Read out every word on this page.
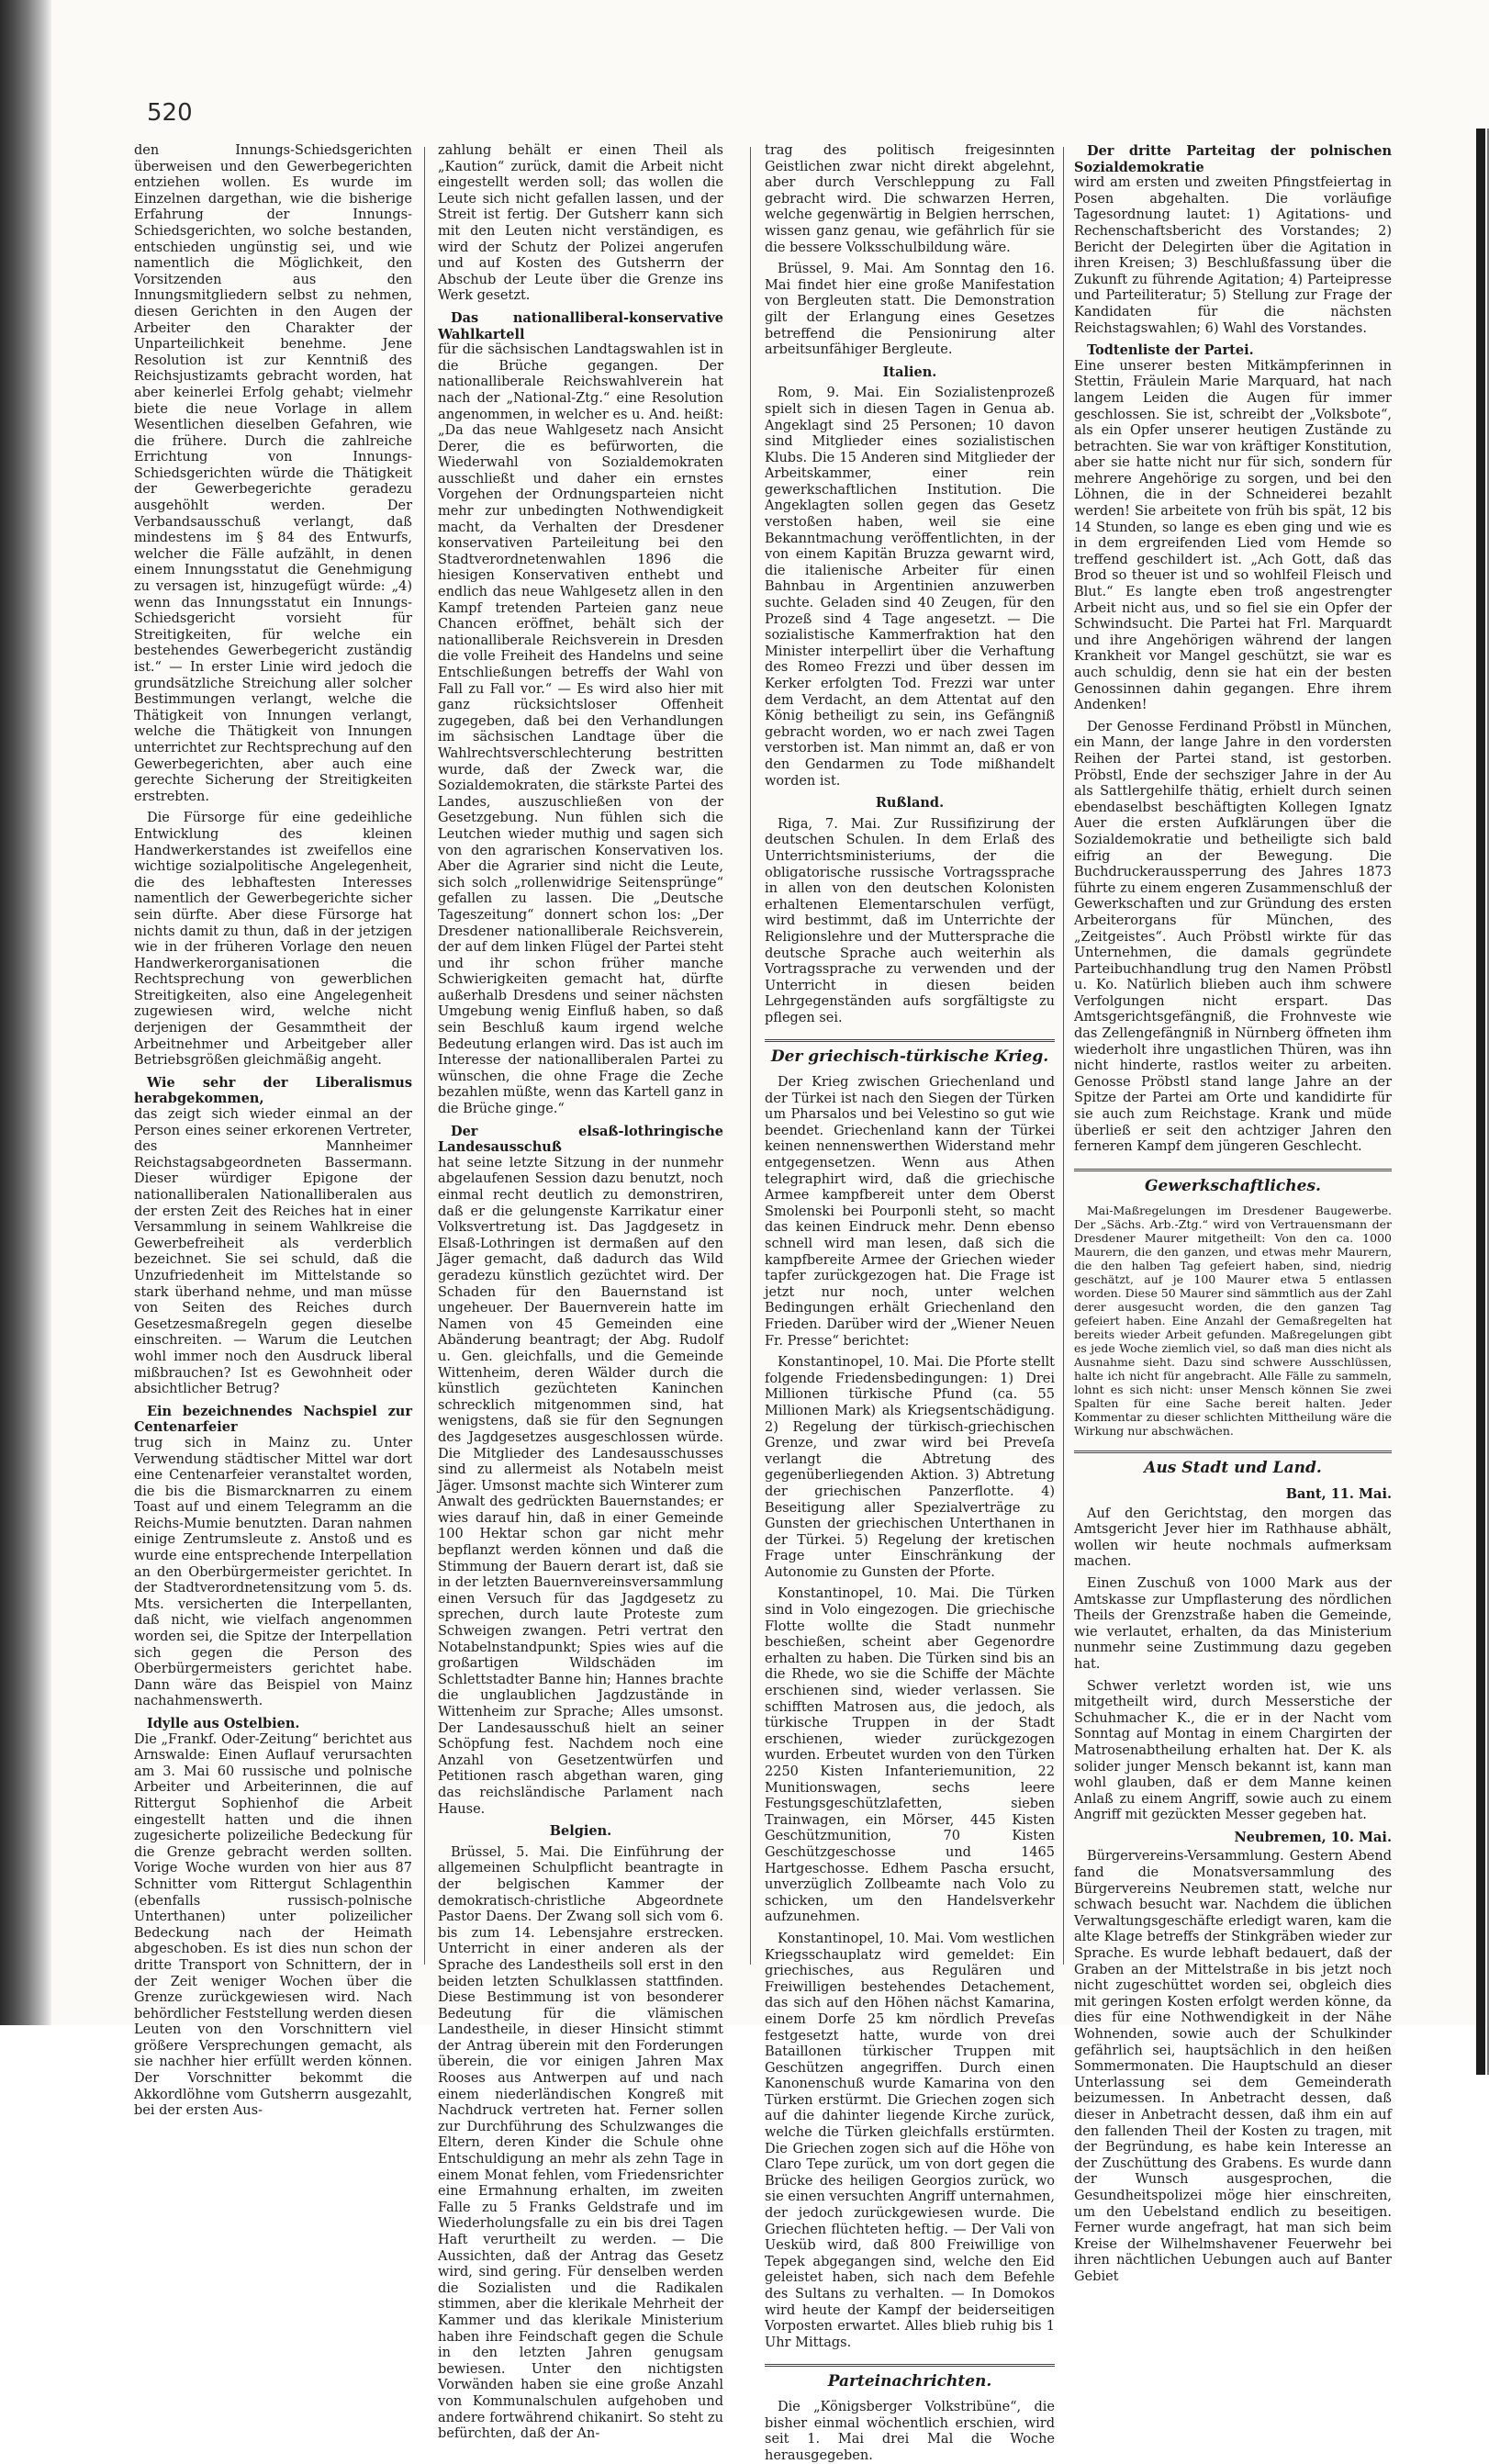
520

den Innungs-Schiedsgerichten überweisen und den Gewerbegerichten entziehen wollen. Es wurde im Einzelnen dargethan, wie die bisherige Erfahrung der Innungs-Schiedsgerichten, wo solche bestanden, entschieden ungünstig sei, und wie namentlich die Möglichkeit, den Vorsitzenden aus den Innungsmitgliedern selbst zu nehmen, diesen Gerichten in den Augen der Arbeiter den Charakter der Unparteilichkeit benehme. Jene Resolution ist zur Kenntniß des Reichsjustizamts gebracht worden, hat aber keinerlei Erfolg gehabt; vielmehr biete die neue Vorlage in allem Wesentlichen dieselben Gefahren, wie die frühere. Durch die zahlreiche Errichtung von Innungs-Schiedsgerichten würde die Thätigkeit der Gewerbegerichte geradezu ausgehöhlt werden. Der Verbandsausschuß verlangt, daß mindestens im § 84 des Entwurfs, welcher die Fälle aufzählt, in denen einem Innungsstatut die Genehmigung zu versagen ist, hinzugefügt würde: „4) wenn das Innungsstatut ein Innungs-Schiedsgericht vorsieht für Streitigkeiten, für welche ein bestehendes Gewerbegericht zuständig ist.“ — In erster Linie wird jedoch die grundsätzliche Streichung aller solcher Bestimmungen verlangt, welche die Thätigkeit von Innungen verlangt, welche die Thätigkeit von Innungen unterrichtet zur Rechtsprechung auf den Gewerbegerichten, aber auch eine gerechte Sicherung der Streitigkeiten erstrebten.

Die Fürsorge für eine gedeihliche Entwicklung des kleinen Handwerkerstandes ist zweifellos eine wichtige sozialpolitische Angelegenheit, die des lebhaftesten Interesses namentlich der Gewerbegerichte sicher sein dürfte. Aber diese Fürsorge hat nichts damit zu thun, daß in der jetzigen wie in der früheren Vorlage den neuen Handwerkerorganisationen die Rechtsprechung von gewerblichen Streitigkeiten, also eine Angelegenheit zugewiesen wird, welche nicht derjenigen der Gesammtheit der Arbeitnehmer und Arbeitgeber aller Betriebsgrößen gleichmäßig angeht.

Wie sehr der Liberalismus herabgekommen,

das zeigt sich wieder einmal an der Person eines seiner erkorenen Vertreter, des Mannheimer Reichstagsabgeordneten Bassermann. Dieser würdiger Epigone der nationalliberalen Nationalliberalen aus der ersten Zeit des Reiches hat in einer Versammlung in seinem Wahlkreise die Gewerbefreiheit als verderblich bezeichnet. Sie sei schuld, daß die Unzufriedenheit im Mittelstande so stark überhand nehme, und man müsse von Seiten des Reiches durch Gesetzesmaßregeln gegen dieselbe einschreiten. — Warum die Leutchen wohl immer noch den Ausdruck liberal mißbrauchen? Ist es Gewohnheit oder absichtlicher Betrug?

Ein bezeichnendes Nachspiel zur Centenarfeier

trug sich in Mainz zu. Unter Verwendung städtischer Mittel war dort eine Centenarfeier veranstaltet worden, die bis die Bismarcknarren zu einem Toast auf und einem Telegramm an die Reichs-Mumie benutzten. Daran nahmen einige Zentrumsleute z. Anstoß und es wurde eine entsprechende Interpellation an den Oberbürgermeister gerichtet. In der Stadtverordnetensitzung vom 5. ds. Mts. versicherten die Interpellanten, daß nicht, wie vielfach angenommen worden sei, die Spitze der Interpellation sich gegen die Person des Oberbürgermeisters gerichtet habe. Dann wäre das Beispiel von Mainz nachahmenswerth.

Idylle aus Ostelbien.

Die „Frankf. Oder-Zeitung“ berichtet aus Arnswalde: Einen Auflauf verursachten am 3. Mai 60 russische und polnische Arbeiter und Arbeiterinnen, die auf Rittergut Sophienhof die Arbeit eingestellt hatten und die ihnen zugesicherte polizeiliche Bedeckung für die Grenze gebracht werden sollten. Vorige Woche wurden von hier aus 87 Schnitter vom Rittergut Schlagenthin (ebenfalls russisch-polnische Unterthanen) unter polizeilicher Bedeckung nach der Heimath abgeschoben. Es ist dies nun schon der dritte Transport von Schnittern, der in der Zeit weniger Wochen über die Grenze zurückgewiesen wird. Nach behördlicher Feststellung werden diesen Leuten von den Vorschnittern viel größere Versprechungen gemacht, als sie nachher hier erfüllt werden können. Der Vorschnitter bekommt die Akkordlöhne vom Gutsherrn ausgezahlt, bei der ersten Aus-

zahlung behält er einen Theil als „Kaution“ zurück, damit die Arbeit nicht eingestellt werden soll; das wollen die Leute sich nicht gefallen lassen, und der Streit ist fertig. Der Gutsherr kann sich mit den Leuten nicht verständigen, es wird der Schutz der Polizei angerufen und auf Kosten des Gutsherrn der Abschub der Leute über die Grenze ins Werk gesetzt.

Das nationalliberal-konservative Wahlkartell

für die sächsischen Landtagswahlen ist in die Brüche gegangen. Der nationalliberale Reichswahlverein hat nach der „National-Ztg.“ eine Resolution angenommen, in welcher es u. And. heißt: „Da das neue Wahlgesetz nach Ansicht Derer, die es befürworten, die Wiederwahl von Sozialdemokraten ausschließt und daher ein ernstes Vorgehen der Ordnungsparteien nicht mehr zur unbedingten Nothwendigkeit macht, da Verhalten der Dresdener konservativen Parteileitung bei den Stadtverordnetenwahlen 1896 die hiesigen Konservativen enthebt und endlich das neue Wahlgesetz allen in den Kampf tretenden Parteien ganz neue Chancen eröffnet, behält sich der nationalliberale Reichsverein in Dresden die volle Freiheit des Handelns und seine Entschließungen betreffs der Wahl von Fall zu Fall vor.“ — Es wird also hier mit ganz rücksichtsloser Offenheit zugegeben, daß bei den Verhandlungen im sächsischen Landtage über die Wahlrechtsverschlechterung bestritten wurde, daß der Zweck war, die Sozialdemokraten, die stärkste Partei des Landes, auszuschließen von der Gesetzgebung. Nun fühlen sich die Leutchen wieder muthig und sagen sich von den agrarischen Konservativen los. Aber die Agrarier sind nicht die Leute, sich solch „rollenwidrige Seitensprünge“ gefallen zu lassen. Die „Deutsche Tageszeitung“ donnert schon los: „Der Dresdener nationalliberale Reichsverein, der auf dem linken Flügel der Partei steht und ihr schon früher manche Schwierigkeiten gemacht hat, dürfte außerhalb Dresdens und seiner nächsten Umgebung wenig Einfluß haben, so daß sein Beschluß kaum irgend welche Bedeutung erlangen wird. Das ist auch im Interesse der nationalliberalen Partei zu wünschen, die ohne Frage die Zeche bezahlen müßte, wenn das Kartell ganz in die Brüche ginge.“

Der elsaß-lothringische Landesausschuß

hat seine letzte Sitzung in der nunmehr abgelaufenen Session dazu benutzt, noch einmal recht deutlich zu demonstriren, daß er die gelungenste Karrikatur einer Volksvertretung ist. Das Jagdgesetz in Elsaß-Lothringen ist dermaßen auf den Jäger gemacht, daß dadurch das Wild geradezu künstlich gezüchtet wird. Der Schaden für den Bauernstand ist ungeheuer. Der Bauernverein hatte im Namen von 45 Gemeinden eine Abänderung beantragt; der Abg. Rudolf u. Gen. gleichfalls, und die Gemeinde Wittenheim, deren Wälder durch die künstlich gezüchteten Kaninchen schrecklich mitgenommen sind, hat wenigstens, daß sie für den Segnungen des Jagdgesetzes ausgeschlossen würde. Die Mitglieder des Landesausschusses sind zu allermeist als Notabeln meist Jäger. Umsonst machte sich Winterer zum Anwalt des gedrückten Bauernstandes; er wies darauf hin, daß in einer Gemeinde 100 Hektar schon gar nicht mehr bepflanzt werden können und daß die Stimmung der Bauern derart ist, daß sie in der letzten Bauernvereinsversammlung einen Versuch für das Jagdgesetz zu sprechen, durch laute Proteste zum Schweigen zwangen. Petri vertrat den Notabelnstandpunkt; Spies wies auf die großartigen Wildschäden im Schlettstadter Banne hin; Hannes brachte die unglaublichen Jagdzustände in Wittenheim zur Sprache; Alles umsonst. Der Landesausschuß hielt an seiner Schöpfung fest. Nachdem noch eine Anzahl von Gesetzentwürfen und Petitionen rasch abgethan waren, ging das reichsländische Parlament nach Hause.

Belgien.

Brüssel, 5. Mai. Die Einführung der allgemeinen Schulpflicht beantragte in der belgischen Kammer der demokratisch-christliche Abgeordnete Pastor Daens. Der Zwang soll sich vom 6. bis zum 14. Lebensjahre erstrecken. Unterricht in einer anderen als der Sprache des Landestheils soll erst in den beiden letzten Schulklassen stattfinden. Diese Bestimmung ist von besonderer Bedeutung für die vlämischen Landestheile, in dieser Hinsicht stimmt der Antrag überein mit den Forderungen überein, die vor einigen Jahren Max Rooses aus Antwerpen auf und nach einem niederländischen Kongreß mit Nachdruck vertreten hat. Ferner sollen zur Durchführung des Schulzwanges die Eltern, deren Kinder die Schule ohne Entschuldigung an mehr als zehn Tage in einem Monat fehlen, vom Friedensrichter eine Ermahnung erhalten, im zweiten Falle zu 5 Franks Geldstrafe und im Wiederholungsfalle zu ein bis drei Tagen Haft verurtheilt zu werden. — Die Aussichten, daß der Antrag das Gesetz wird, sind gering. Für denselben werden die Sozialisten und die Radikalen stimmen, aber die klerikale Mehrheit der Kammer und das klerikale Ministerium haben ihre Feindschaft gegen die Schule in den letzten Jahren genugsam bewiesen. Unter den nichtigsten Vorwänden haben sie eine große Anzahl von Kommunalschulen aufgehoben und andere fortwährend chikanirt. So steht zu befürchten, daß der An-

trag des politisch freigesinnten Geistlichen zwar nicht direkt abgelehnt, aber durch Verschleppung zu Fall gebracht wird. Die schwarzen Herren, welche gegenwärtig in Belgien herrschen, wissen ganz genau, wie gefährlich für sie die bessere Volksschulbildung wäre.

Brüssel, 9. Mai. Am Sonntag den 16. Mai findet hier eine große Manifestation von Bergleuten statt. Die Demonstration gilt der Erlangung eines Gesetzes betreffend die Pensionirung alter arbeitsunfähiger Bergleute.

Italien.

Rom, 9. Mai. Ein Sozialistenprozeß spielt sich in diesen Tagen in Genua ab. Angeklagt sind 25 Personen; 10 davon sind Mitglieder eines sozialistischen Klubs. Die 15 Anderen sind Mitglieder der Arbeitskammer, einer rein gewerkschaftlichen Institution. Die Angeklagten sollen gegen das Gesetz verstoßen haben, weil sie eine Bekanntmachung veröffentlichten, in der von einem Kapitän Bruzza gewarnt wird, die italienische Arbeiter für einen Bahnbau in Argentinien anzuwerben suchte. Geladen sind 40 Zeugen, für den Prozeß sind 4 Tage angesetzt. — Die sozialistische Kammerfraktion hat den Minister interpellirt über die Verhaftung des Romeo Frezzi und über dessen im Kerker erfolgten Tod. Frezzi war unter dem Verdacht, an dem Attentat auf den König betheiligt zu sein, ins Gefängniß gebracht worden, wo er nach zwei Tagen verstorben ist. Man nimmt an, daß er von den Gendarmen zu Tode mißhandelt worden ist.

Rußland.

Riga, 7. Mai. Zur Russifizirung der deutschen Schulen. In dem Erlaß des Unterrichtsministeriums, der die obligatorische russische Vortragssprache in allen von den deutschen Kolonisten erhaltenen Elementarschulen verfügt, wird bestimmt, daß im Unterrichte der Religionslehre und der Muttersprache die deutsche Sprache auch weiterhin als Vortragssprache zu verwenden und der Unterricht in diesen beiden Lehrgegenständen aufs sorgfältigste zu pflegen sei.

Der griechisch-türkische Krieg.

Der Krieg zwischen Griechenland und der Türkei ist nach den Siegen der Türken um Pharsalos und bei Velestino so gut wie beendet. Griechenland kann der Türkei keinen nennenswerthen Widerstand mehr entgegensetzen. Wenn aus Athen telegraphirt wird, daß die griechische Armee kampfbereit unter dem Oberst Smolenski bei Pourponli steht, so macht das keinen Eindruck mehr. Denn ebenso schnell wird man lesen, daß sich die kampfbereite Armee der Griechen wieder tapfer zurückgezogen hat. Die Frage ist jetzt nur noch, unter welchen Bedingungen erhält Griechenland den Frieden. Darüber wird der „Wiener Neuen Fr. Presse“ berichtet:

Konstantinopel, 10. Mai. Die Pforte stellt folgende Friedensbedingungen: 1) Drei Millionen türkische Pfund (ca. 55 Millionen Mark) als Kriegsentschädigung. 2) Regelung der türkisch-griechischen Grenze, und zwar wird bei Preveſa verlangt die Abtretung des gegenüberliegenden Aktion. 3) Abtretung der griechischen Panzerflotte. 4) Beseitigung aller Spezialverträge zu Gunsten der griechischen Unterthanen in der Türkei. 5) Regelung der kretischen Frage unter Einschränkung der Autonomie zu Gunsten der Pforte.

Konstantinopel, 10. Mai. Die Türken sind in Volo eingezogen. Die griechische Flotte wollte die Stadt nunmehr beschießen, scheint aber Gegenordre erhalten zu haben. Die Türken sind bis an die Rhede, wo sie die Schiffe der Mächte erschienen sind, wieder verlassen. Sie schifften Matrosen aus, die jedoch, als türkische Truppen in der Stadt erschienen, wieder zurückgezogen wurden. Erbeutet wurden von den Türken 2250 Kisten Infanteriemunition, 22 Munitionswagen, sechs leere Festungsgeschützlafetten, sieben Trainwagen, ein Mörser, 445 Kisten Geschützmunition, 70 Kisten Geschützgeschosse und 1465 Hartgeschosse. Edhem Pascha ersucht, unverzüglich Zollbeamte nach Volo zu schicken, um den Handelsverkehr aufzunehmen.

Konstantinopel, 10. Mai. Vom westlichen Kriegsschauplatz wird gemeldet: Ein griechisches, aus Regulären und Freiwilligen bestehendes Detachement, das sich auf den Höhen nächst Kamarina, einem Dorfe 25 km nördlich Preveſas festgesetzt hatte, wurde von drei Bataillonen türkischer Truppen mit Geschützen angegriffen. Durch einen Kanonenschuß wurde Kamarina von den Türken erstürmt. Die Griechen zogen sich auf die dahinter liegende Kirche zurück, welche die Türken gleichfalls erstürmten. Die Griechen zogen sich auf die Höhe von Claro Tepe zurück, um von dort gegen die Brücke des heiligen Georgios zurück, wo sie einen versuchten Angriff unternahmen, der jedoch zurückgewiesen wurde. Die Griechen flüchteten heftig. — Der Vali von Uesküb wird, daß 800 Freiwillige von Tepek abgegangen sind, welche den Eid geleistet haben, sich nach dem Befehle des Sultans zu verhalten. — In Domokos wird heute der Kampf der beiderseitigen Vorposten erwartet. Alles blieb ruhig bis 1 Uhr Mittags.

Parteinachrichten.

Die „Königsberger Volkstribüne“, die bisher einmal wöchentlich erschien, wird seit 1. Mai drei Mal die Woche herausgegeben.

Der dritte Parteitag der polnischen Sozialdemokratie

wird am ersten und zweiten Pfingstfeiertag in Posen abgehalten. Die vorläufige Tagesordnung lautet: 1) Agitations- und Rechenschaftsbericht des Vorstandes; 2) Bericht der Delegirten über die Agitation in ihren Kreisen; 3) Beschlußfassung über die Zukunft zu führende Agitation; 4) Parteipresse und Parteiliteratur; 5) Stellung zur Frage der Kandidaten für die nächsten Reichstagswahlen; 6) Wahl des Vorstandes.

Todtenliste der Partei.

Eine unserer besten Mitkämpferinnen in Stettin, Fräulein Marie Marquard, hat nach langem Leiden die Augen für immer geschlossen. Sie ist, schreibt der „Volksbote“, als ein Opfer unserer heutigen Zustände zu betrachten. Sie war von kräftiger Konstitution, aber sie hatte nicht nur für sich, sondern für mehrere Angehörige zu sorgen, und bei den Löhnen, die in der Schneiderei bezahlt werden! Sie arbeitete von früh bis spät, 12 bis 14 Stunden, so lange es eben ging und wie es in dem ergreifenden Lied vom Hemde so treffend geschildert ist. „Ach Gott, daß das Brod so theuer ist und so wohlfeil Fleisch und Blut.“ Es langte eben troß angestrengter Arbeit nicht aus, und so fiel sie ein Opfer der Schwindsucht. Die Partei hat Frl. Marquardt und ihre Angehörigen während der langen Krankheit vor Mangel geschützt, sie war es auch schuldig, denn sie hat ein der besten Genossinnen dahin gegangen. Ehre ihrem Andenken!

Der Genosse Ferdinand Pröbstl in München, ein Mann, der lange Jahre in den vordersten Reihen der Partei stand, ist gestorben. Pröbstl, Ende der sechsziger Jahre in der Au als Sattlergehilfe thätig, erhielt durch seinen ebendaselbst beschäftigten Kollegen Ignatz Auer die ersten Aufklärungen über die Sozialdemokratie und betheiligte sich bald eifrig an der Bewegung. Die Buchdruckeraussperrung des Jahres 1873 führte zu einem engeren Zusammenschluß der Gewerkschaften und zur Gründung des ersten Arbeiterorgans für München, des „Zeitgeistes“. Auch Pröbstl wirkte für das Unternehmen, die damals gegründete Parteibuchhandlung trug den Namen Pröbstl u. Ko. Natürlich blieben auch ihm schwere Verfolgungen nicht erspart. Das Amtsgerichtsgefängniß, die Frohnveste wie das Zellengefängniß in Nürnberg öffneten ihm wiederholt ihre ungastlichen Thüren, was ihn nicht hinderte, rastlos weiter zu arbeiten. Genosse Pröbstl stand lange Jahre an der Spitze der Partei am Orte und kandidirte für sie auch zum Reichstage. Krank und müde überließ er seit den achtziger Jahren den ferneren Kampf dem jüngeren Geschlecht.

Gewerkschaftliches.

Mai-Maßregelungen im Dresdener Baugewerbe. Der „Sächs. Arb.-Ztg.“ wird von Vertrauensmann der Dresdener Maurer mitgetheilt: Von den ca. 1000 Maurern, die den ganzen, und etwas mehr Maurern, die den halben Tag gefeiert haben, sind, niedrig geschätzt, auf je 100 Maurer etwa 5 entlassen worden. Diese 50 Maurer sind sämmtlich aus der Zahl derer ausgesucht worden, die den ganzen Tag gefeiert haben. Eine Anzahl der Gemaßregelten hat bereits wieder Arbeit gefunden. Maßregelungen gibt es jede Woche ziemlich viel, so daß man dies nicht als Ausnahme sieht. Dazu sind schwere Ausschlüssen, halte ich nicht für angebracht. Alle Fälle zu sammeln, lohnt es sich nicht: unser Mensch können Sie zwei Spalten für eine Sache bereit halten. Jeder Kommentar zu dieser schlichten Mittheilung wäre die Wirkung nur abschwächen.

Aus Stadt und Land.

Bant, 11. Mai.

Auf den Gerichtstag, den morgen das Amtsgericht Jever hier im Rathhause abhält, wollen wir heute nochmals aufmerksam machen.

Einen Zuschuß von 1000 Mark aus der Amtskasse zur Umpflasterung des nördlichen Theils der Grenzstraße haben die Gemeinde, wie verlautet, erhalten, da das Ministerium nunmehr seine Zustimmung dazu gegeben hat.

Schwer verletzt worden ist, wie uns mitgetheilt wird, durch Messerstiche der Schuhmacher K., die er in der Nacht vom Sonntag auf Montag in einem Chargirten der Matrosenabtheilung erhalten hat. Der K. als solider junger Mensch bekannt ist, kann man wohl glauben, daß er dem Manne keinen Anlaß zu einem Angriff, sowie auch zu einem Angriff mit gezückten Messer gegeben hat.

Neubremen, 10. Mai.

Bürgervereins-Versammlung. Gestern Abend fand die Monatsversammlung des Bürgervereins Neubremen statt, welche nur schwach besucht war. Nachdem die üblichen Verwaltungsgeschäfte erledigt waren, kam die alte Klage betreffs der Stinkgräben wieder zur Sprache. Es wurde lebhaft bedauert, daß der Graben an der Mittelstraße in bis jetzt noch nicht zugeschüttet worden sei, obgleich dies mit geringen Kosten erfolgt werden könne, da dies für eine Nothwendigkeit in der Nähe Wohnenden, sowie auch der Schulkinder gefährlich sei, hauptsächlich in den heißen Sommermonaten. Die Hauptschuld an dieser Unterlassung sei dem Gemeinderath beizumessen. In Anbetracht dessen, daß dieser in Anbetracht dessen, daß ihm ein auf den fallenden Theil der Kosten zu tragen, mit der Begründung, es habe kein Interesse an der Zuschüttung des Grabens. Es wurde dann der Wunsch ausgesprochen, die Gesundheitspolizei möge hier einschreiten, um den Uebelstand endlich zu beseitigen. Ferner wurde angefragt, hat man sich beim Kreise der Wilhelmshavener Feuerwehr bei ihren nächtlichen Uebungen auch auf Banter Gebiet
